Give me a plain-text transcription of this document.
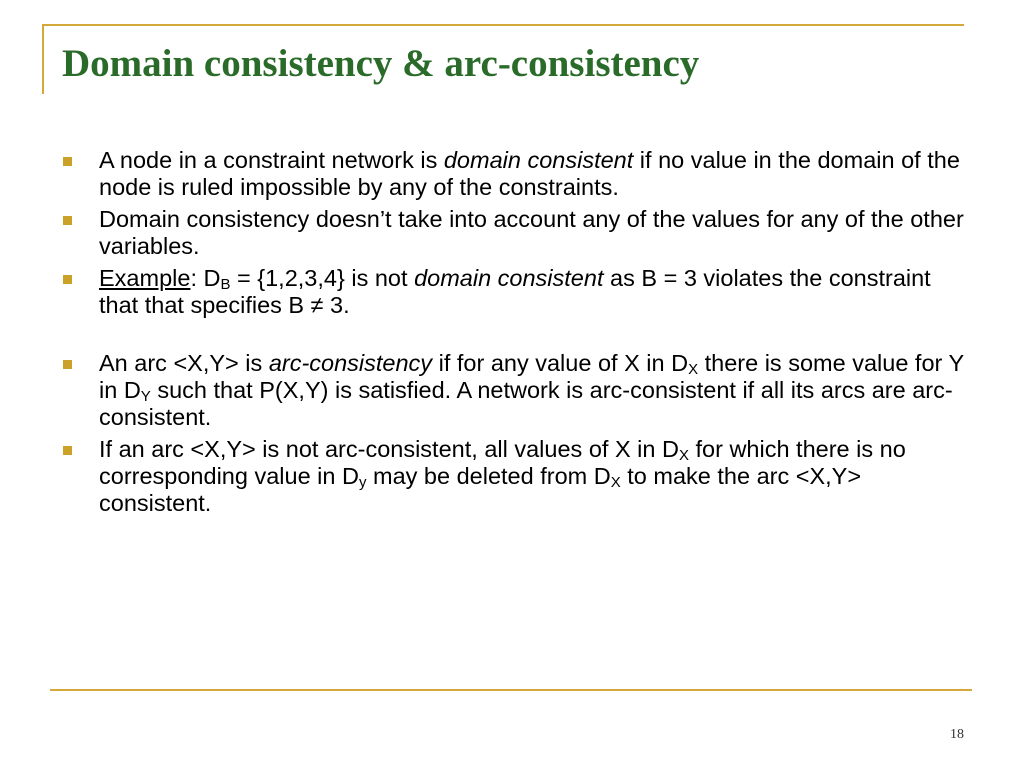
Domain consistency & arc-consistency
A node in a constraint network is domain consistent if no value in the domain of the node is ruled impossible by any of the constraints.
Domain consistency doesn’t take into account any of the values for any of the other variables.
Example: $D_B = \{1,2,3,4\}$ is not domain consistent as B = 3 violates the constraint that that specifies B ≠ 3.
An arc <X,Y> is arc-consistency if for any value of X in $D_X$ there is some value for Y in $D_Y$ such that P(X,Y) is satisfied. A network is arc-consistent if all its arcs are arc- consistent.
If an arc <X,Y> is not arc-consistent, all values of X in $D_X$ for which there is no corresponding value in $D_y$ may be deleted from $D_X$ to make the arc <X,Y> consistent.
18
